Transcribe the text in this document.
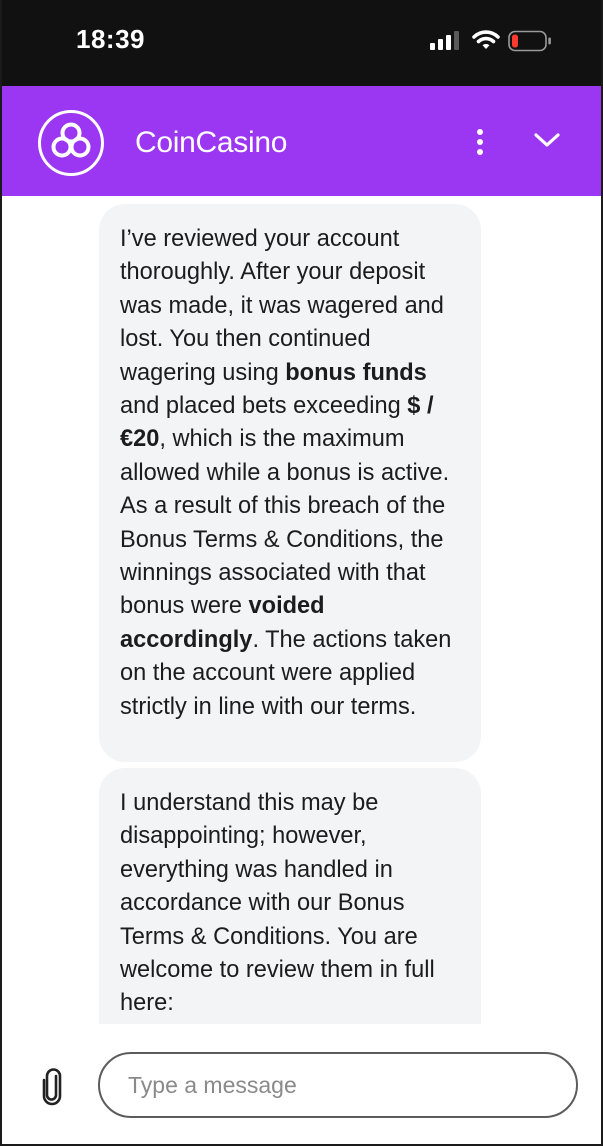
18:39
CoinCasino
I’ve reviewed your account thoroughly. After your deposit was made, it was wagered and lost. You then continued wagering using bonus funds and placed bets exceeding $ / €20, which is the maximum allowed while a bonus is active. As a result of this breach of the Bonus Terms & Conditions, the winnings associated with that bonus were voided accordingly. The actions taken on the account were applied strictly in line with our terms.
I understand this may be disappointing; however, everything was handled in accordance with our Bonus Terms & Conditions. You are welcome to review them in full here:
Type a message
